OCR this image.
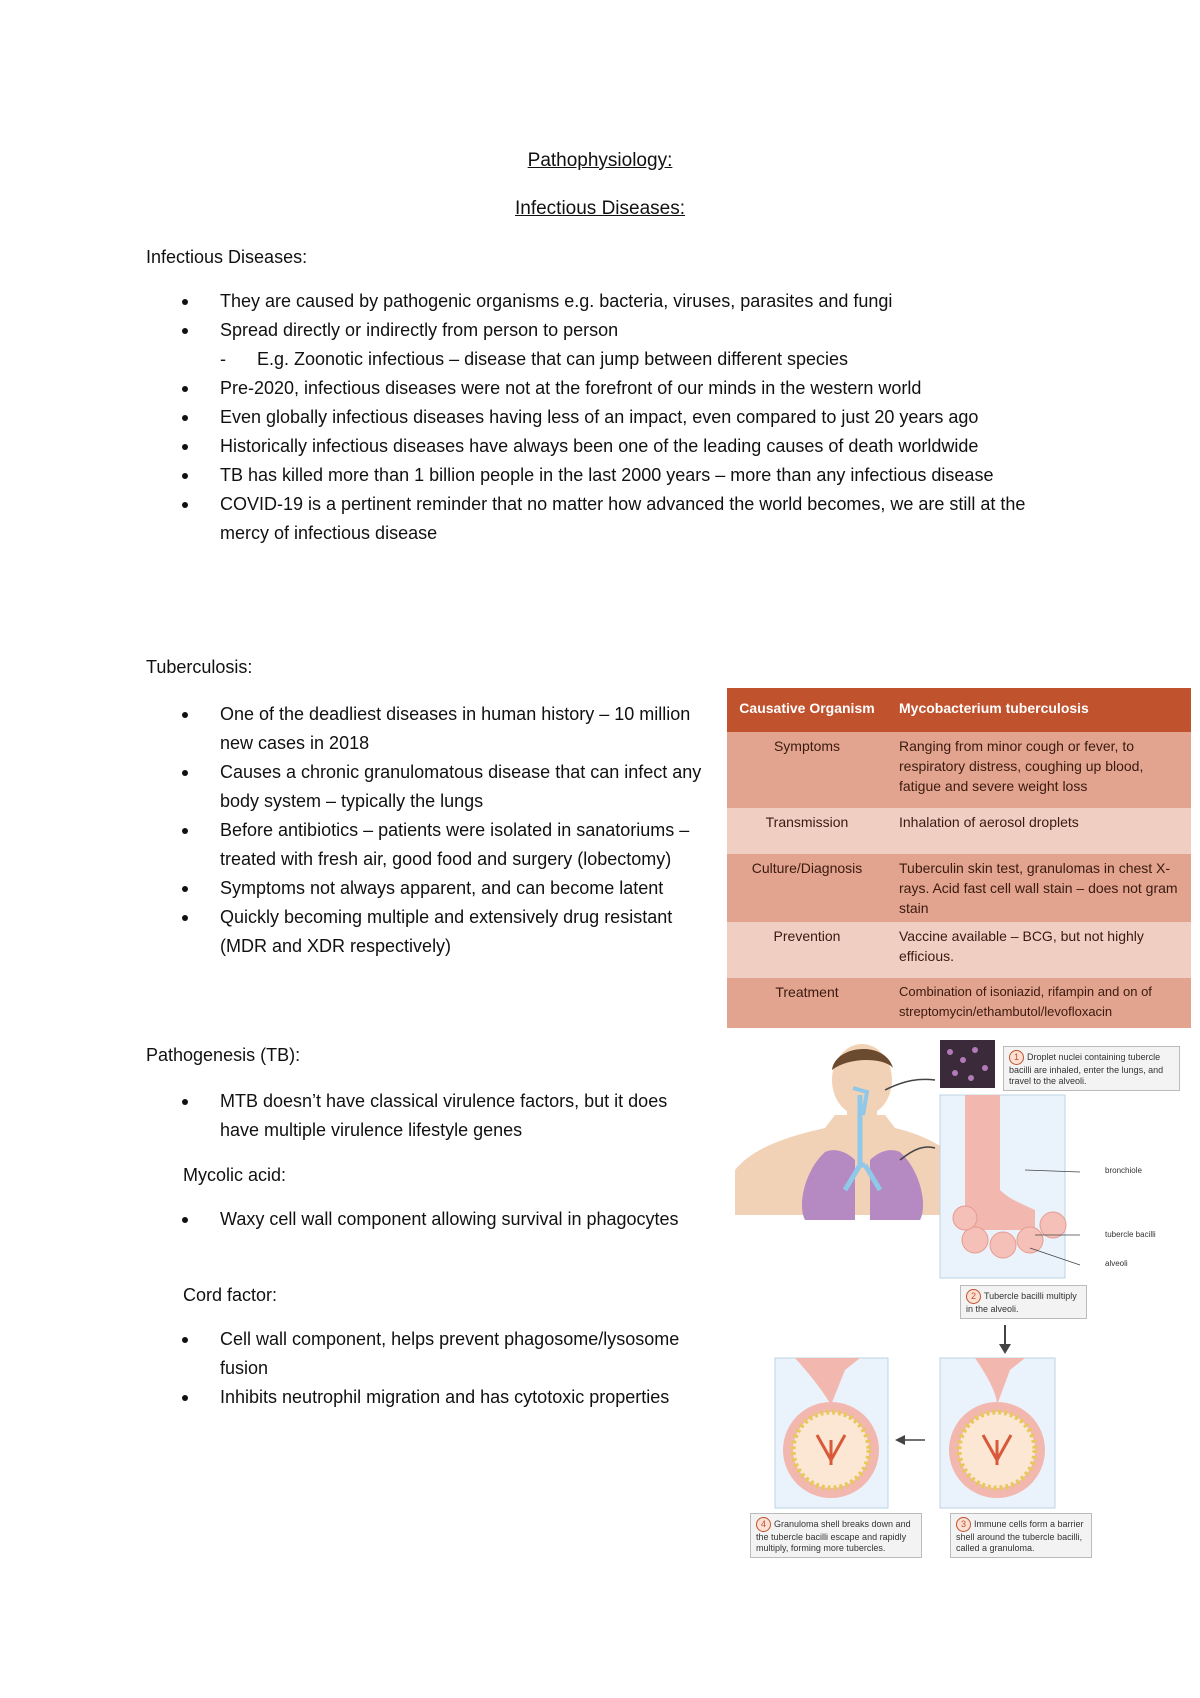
Pathophysiology:
Infectious Diseases:
Infectious Diseases:
They are caused by pathogenic organisms e.g. bacteria, viruses, parasites and fungi
Spread directly or indirectly from person to person
- E.g. Zoonotic infectious – disease that can jump between different species
Pre-2020, infectious diseases were not at the forefront of our minds in the western world
Even globally infectious diseases having less of an impact, even compared to just 20 years ago
Historically infectious diseases have always been one of the leading causes of death worldwide
TB has killed more than 1 billion people in the last 2000 years – more than any infectious disease
COVID-19 is a pertinent reminder that no matter how advanced the world becomes, we are still at the mercy of infectious disease
Tuberculosis:
One of the deadliest diseases in human history – 10 million new cases in 2018
Causes a chronic granulomatous disease that can infect any body system – typically the lungs
Before antibiotics – patients were isolated in sanatoriums – treated with fresh air, good food and surgery (lobectomy)
Symptoms not always apparent, and can become latent
Quickly becoming multiple and extensively drug resistant (MDR and XDR respectively)
Pathogenesis (TB):
MTB doesn’t have classical virulence factors, but it does have multiple virulence lifestyle genes
Mycolic acid:
Waxy cell wall component allowing survival in phagocytes
Cord factor:
Cell wall component, helps prevent phagosome/lysosome fusion
Inhibits neutrophil migration and has cytotoxic properties
Causative Organism	Mycobacterium tuberculosis
Symptoms	Ranging from minor cough or fever, to respiratory distress, coughing up blood, fatigue and severe weight loss
Transmission	Inhalation of aerosol droplets
Culture/Diagnosis	Tuberculin skin test, granulomas in chest X-rays. Acid fast cell wall stain – does not gram stain
Prevention	Vaccine available – BCG, but not highly efficious.
Treatment	Combination of isoniazid, rifampin and on of streptomycin/ethambutol/levofloxacin
1 Droplet nuclei containing tubercle bacilli are inhaled, enter the lungs, and travel to the alveoli.
2 Tubercle bacilli multiply in the alveoli.
3 Immune cells form a barrier shell around the tubercle bacilli, called a granuloma.
4 Granuloma shell breaks down and the tubercle bacilli escape and rapidly multiply, forming more tubercles.
bronchiole
tubercle bacilli
alveoli
